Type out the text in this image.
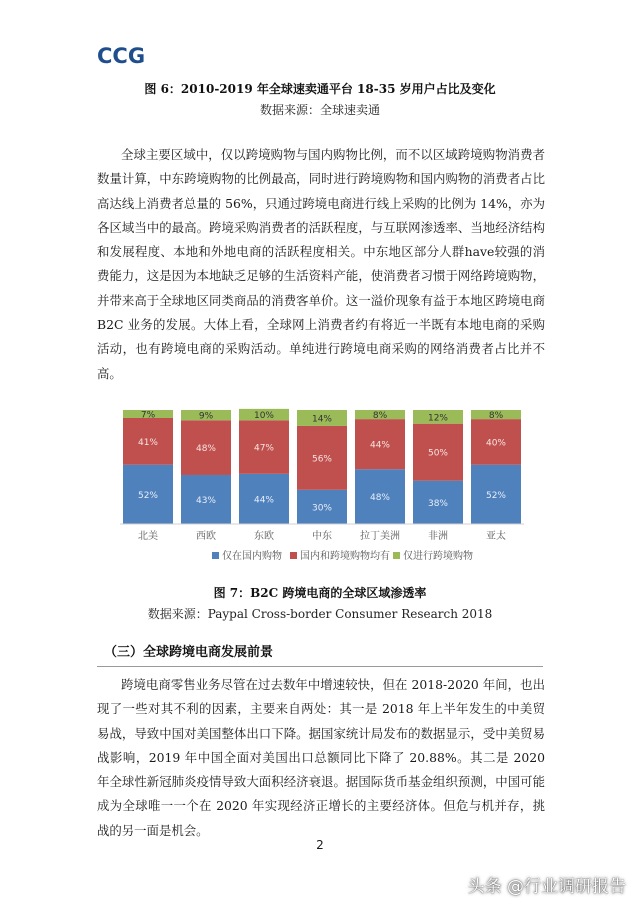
CCG
图 6：2010-2019 年全球速卖通平台 18-35 岁用户占比及变化
数据来源：全球速卖通

全球主要区域中，仅以跨境购物与国内购物比例，而不以区域跨境购物消费者数量计算，中东跨境购物的比例最高，同时进行跨境购物和国内购物的消费者占比高达线上消费者总量的 56%，只通过跨境电商进行线上采购的比例为 14%，亦为各区域当中的最高。跨境采购消费者的活跃程度，与互联网渗透率、当地经济结构和发展程度、本地和外地电商的活跃程度相关。中东地区部分人群have较强的消费能力，这是因为本地缺乏足够的生活资料产能，使消费者习惯于网络跨境购物，并带来高于全球地区同类商品的消费客单价。这一溢价现象有益于本地区跨境电商 B2C 业务的发展。大体上看，全球网上消费者约有将近一半既有本地电商的采购活动，也有跨境电商的采购活动。单纯进行跨境电商采购的网络消费者占比并不高。

52%
41%
7%
43%
48%
9%
44%
47%
10%
30%
56%
14%
48%
44%
8%
38%
50%
12%
52%
40%
8%
北美	西欧	东欧	中东	拉丁美洲	非洲	亚太
仅在国内购物 国内和跨境购物均有 仅进行跨境购物
图 7：B2C 跨境电商的全球区域渗透率
数据来源：Paypal Cross-border Consumer Research 2018
（三）全球跨境电商发展前景

跨境电商零售业务尽管在过去数年中增速较快，但在 2018-2020 年间，也出现了一些对其不利的因素，主要来自两处：其一是 2018 年上半年发生的中美贸易战，导致中国对美国整体出口下降。据国家统计局发布的数据显示，受中美贸易战影响，2019 年中国全面对美国出口总额同比下降了 20.88%。其二是 2020 年全球性新冠肺炎疫情导致大面积经济衰退。据国际货币基金组织预测，中国可能成为全球唯一一个在 2020 年实现经济正增长的主要经济体。但危与机并存，挑战的另一面是机会。

2
头条 @行业调研报告
